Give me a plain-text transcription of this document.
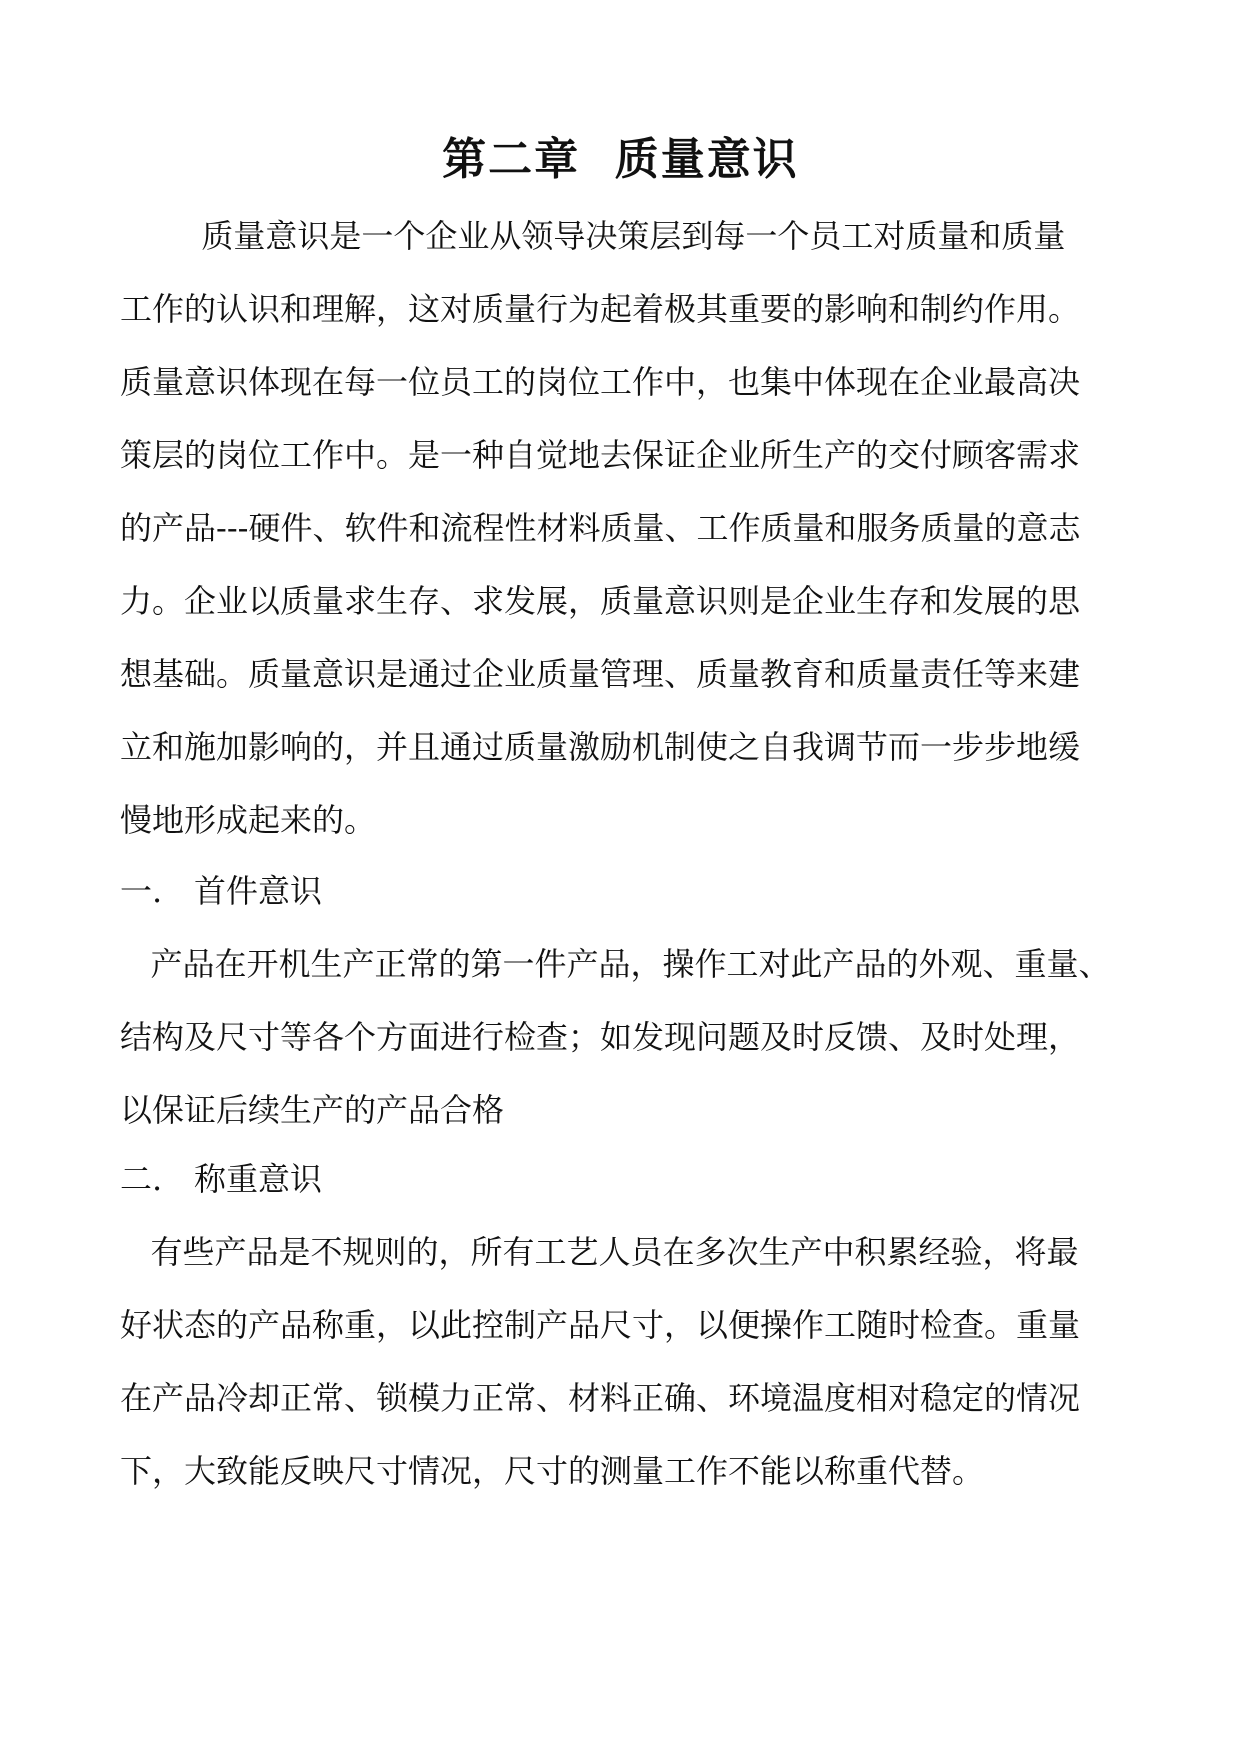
第二章  质量意识
质量意识是一个企业从领导决策层到每一个员工对质量和质量
工作的认识和理解，这对质量行为起着极其重要的影响和制约作用。
质量意识体现在每一位员工的岗位工作中，也集中体现在企业最高决
策层的岗位工作中。是一种自觉地去保证企业所生产的交付顾客需求
的产品---硬件、软件和流程性材料质量、工作质量和服务质量的意志
力。企业以质量求生存、求发展，质量意识则是企业生存和发展的思
想基础。质量意识是通过企业质量管理、质量教育和质量责任等来建
立和施加影响的，并且通过质量激励机制使之自我调节而一步步地缓
慢地形成起来的。
一. 首件意识
产品在开机生产正常的第一件产品，操作工对此产品的外观、重量、
结构及尺寸等各个方面进行检查；如发现问题及时反馈、及时处理，
以保证后续生产的产品合格
二. 称重意识
有些产品是不规则的，所有工艺人员在多次生产中积累经验，将最
好状态的产品称重，以此控制产品尺寸，以便操作工随时检查。重量
在产品冷却正常、锁模力正常、材料正确、环境温度相对稳定的情况
下，大致能反映尺寸情况，尺寸的测量工作不能以称重代替。
